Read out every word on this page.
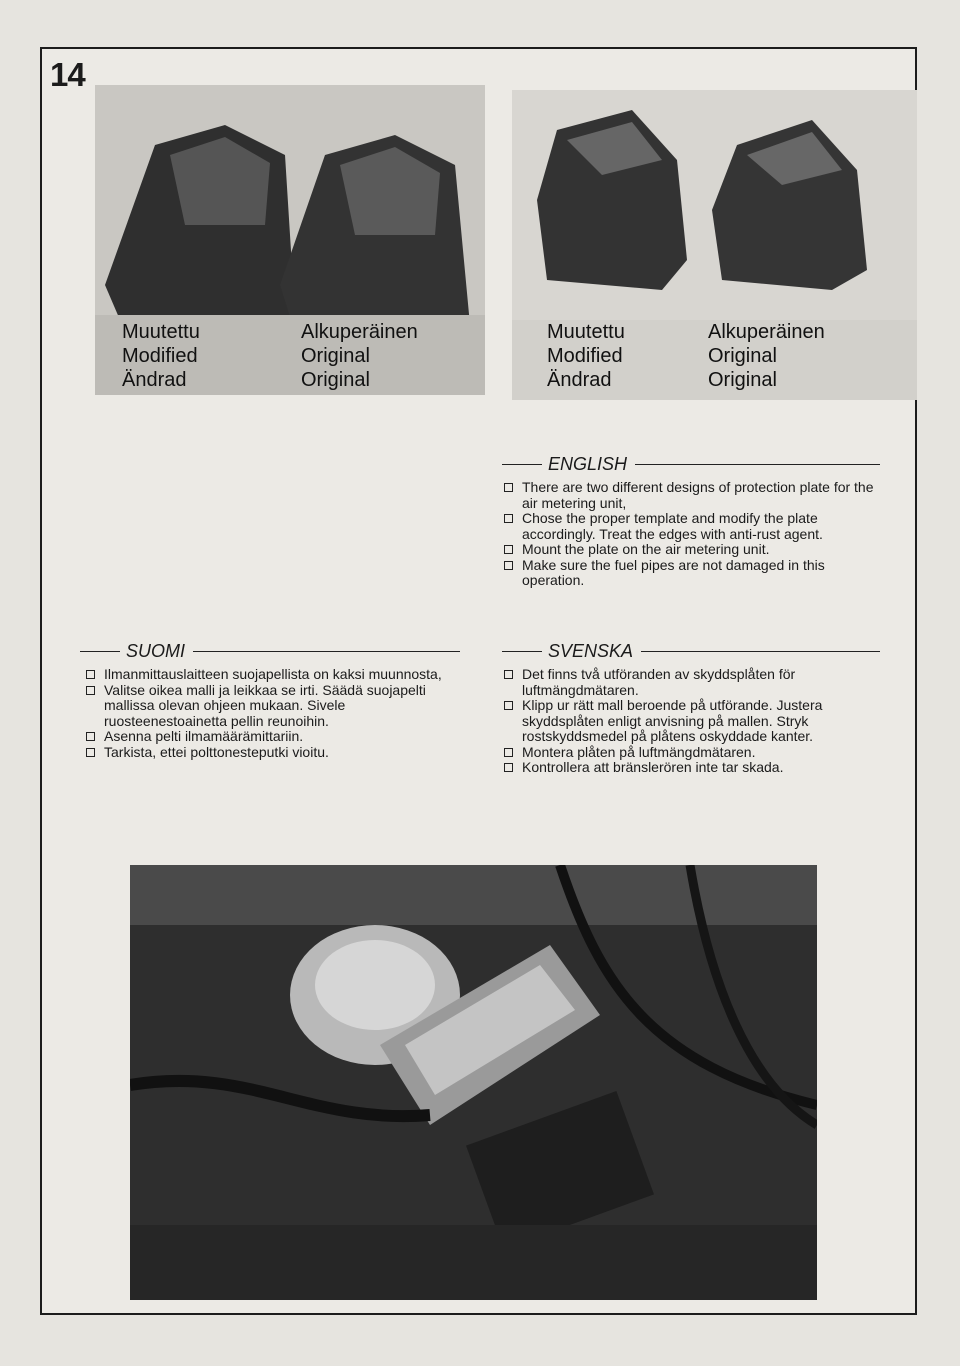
14
Muutettu
Modified
Ändrad
Alkuperäinen
Original
Original
Muutettu
Modified
Ändrad
Alkuperäinen
Original
Original
ENGLISH
There are two different designs of protection plate for the air metering unit,
Chose the proper template and modify the plate accordingly. Treat the edges with anti-rust agent.
Mount the plate on the air metering unit.
Make sure the fuel pipes are not damaged in this operation.
SUOMI
Ilmanmittauslaitteen suojapellista on kaksi muunnosta,
Valitse oikea malli ja leikkaa se irti. Säädä suojapelti mallissa olevan ohjeen mukaan. Sivele ruosteenestoainetta pellin reunoihin.
Asenna pelti ilmamäärämittariin.
Tarkista, ettei polttonesteputki vioitu.
SVENSKA
Det finns två utföranden av skyddsplåten för luftmängdmätaren.
Klipp ur rätt mall beroende på utförande. Justera skyddsplåten enligt anvisning på mallen. Stryk rostskyddsmedel på plåtens oskyddade kanter.
Montera plåten på luftmängdmätaren.
Kontrollera att bränslerören inte tar skada.
